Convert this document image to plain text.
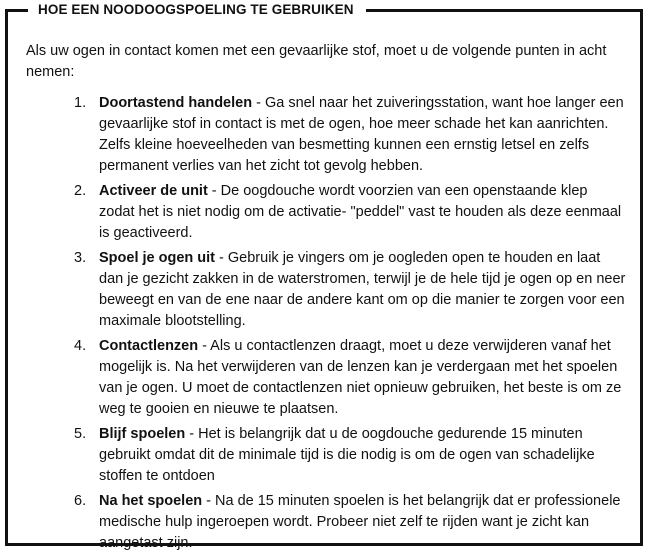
HOE EEN NOODOOGSPOELING TE GEBRUIKEN

Als uw ogen in contact komen met een gevaarlijke stof, moet u de volgende punten in acht nemen:

1. Doortastend handelen - Ga snel naar het zuiveringsstation, want hoe langer een gevaarlijke stof in contact is met de ogen, hoe meer schade het kan aanrichten. Zelfs kleine hoeveelheden van besmetting kunnen een ernstig letsel en zelfs permanent verlies van het zicht tot gevolg hebben.
2. Activeer de unit - De oogdouche wordt voorzien van een openstaande klep zodat het is niet nodig om de activatie- "peddel" vast te houden als deze eenmaal is geactiveerd.
3. Spoel je ogen uit - Gebruik je vingers om je oogleden open te houden en laat dan je gezicht zakken in de waterstromen, terwijl je de hele tijd je ogen op en neer beweegt en van de ene naar de andere kant om op die manier te zorgen voor een maximale blootstelling.
4. Contactlenzen - Als u contactlenzen draagt, moet u deze verwijderen vanaf het mogelijk is. Na het verwijderen van de lenzen kan je verdergaan met het spoelen van je ogen. U moet de contactlenzen niet opnieuw gebruiken, het beste is om ze weg te gooien en nieuwe te plaatsen.
5. Blijf spoelen - Het is belangrijk dat u de oogdouche gedurende 15 minuten gebruikt omdat dit de minimale tijd is die nodig is om de ogen van schadelijke stoffen te ontdoen
6. Na het spoelen - Na de 15 minuten spoelen is het belangrijk dat er professionele medische hulp ingeroepen wordt. Probeer niet zelf te rijden want je zicht kan aangetast zijn.
